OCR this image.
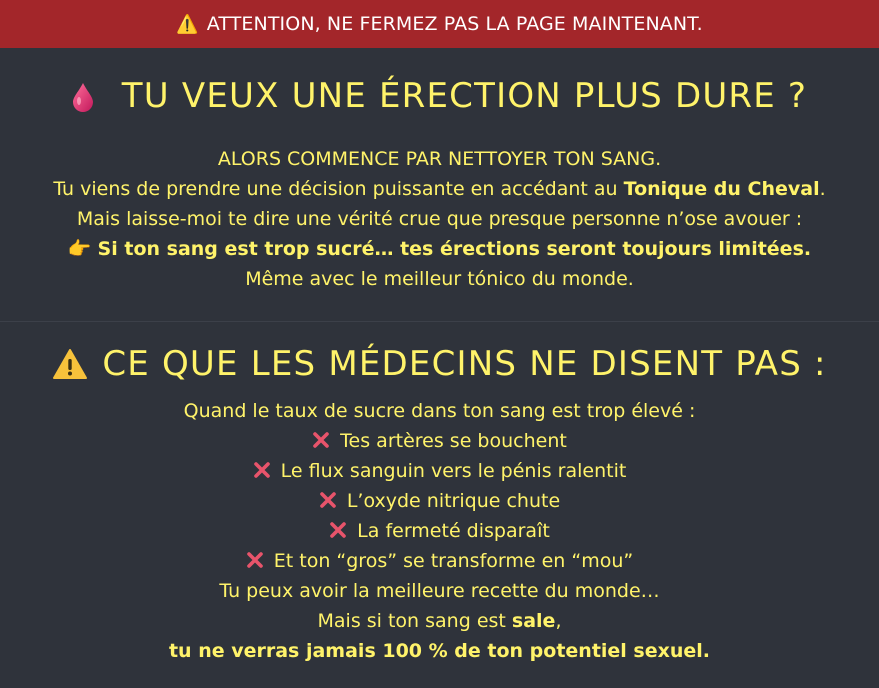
⚠️ ATTENTION, NE FERMEZ PAS LA PAGE MAINTENANT.
TU VEUX UNE ÉRECTION PLUS DURE ?
ALORS COMMENCE PAR NETTOYER TON SANG.
Tu viens de prendre une décision puissante en accédant au Tonique du Cheval.
Mais laisse-moi te dire une vérité crue que presque personne n’ose avouer :
👉 Si ton sang est trop sucré… tes érections seront toujours limitées.
Même avec le meilleur tónico du monde.
CE QUE LES MÉDECINS NE DISENT PAS :
Quand le taux de sucre dans ton sang est trop élevé :
Tes artères se bouchent
Le flux sanguin vers le pénis ralentit
L’oxyde nitrique chute
La fermeté disparaît
Et ton “gros” se transforme en “mou”
Tu peux avoir la meilleure recette du monde…
Mais si ton sang est sale,
tu ne verras jamais 100 % de ton potentiel sexuel.
